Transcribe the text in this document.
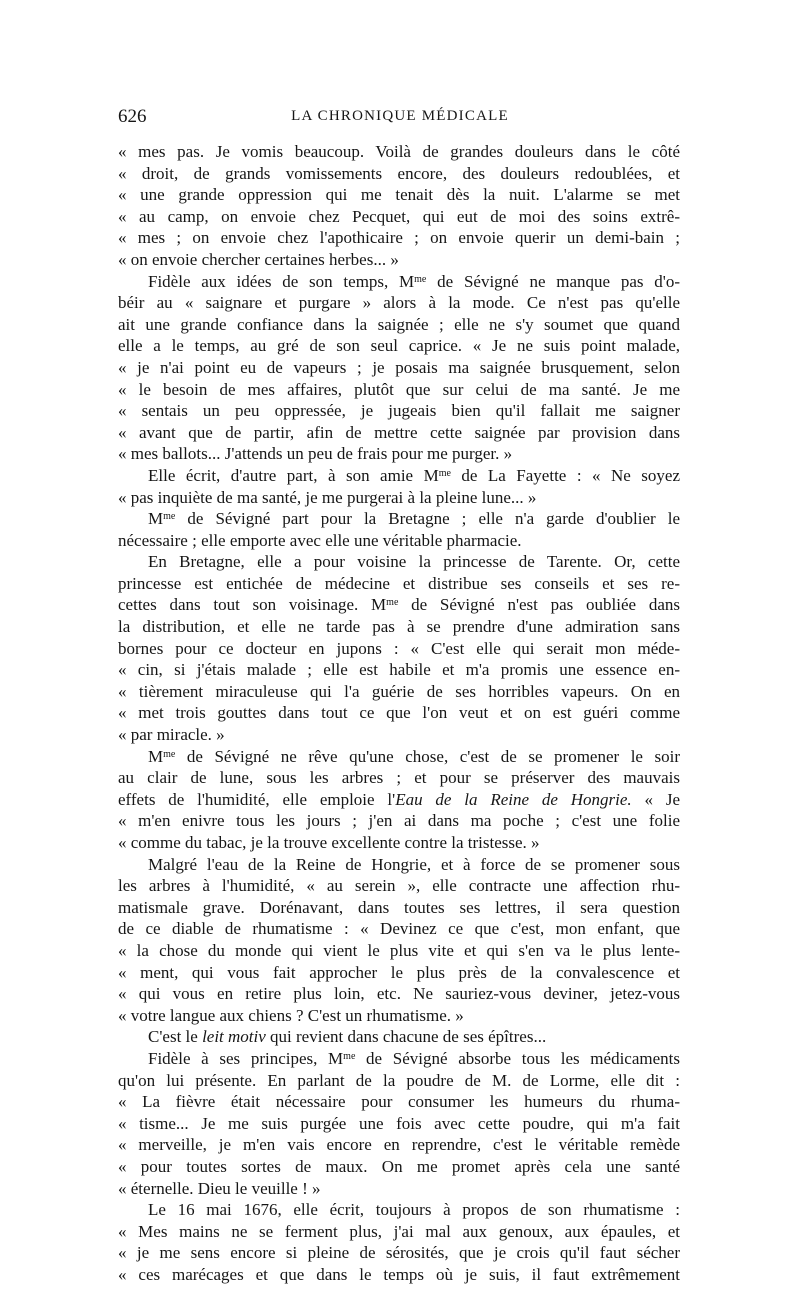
626	LA CHRONIQUE MÉDICALE
« mes pas. Je vomis beaucoup. Voilà de grandes douleurs dans le côté
« droit, de grands vomissements encore, des douleurs redoublées, et
« une grande oppression qui me tenait dès la nuit. L'alarme se met
« au camp, on envoie chez Pecquet, qui eut de moi des soins extrê-
« mes ; on envoie chez l'apothicaire ; on envoie querir un demi-bain ;
« on envoie chercher certaines herbes... »
Fidèle aux idées de son temps, $M^{me}$ de Sévigné ne manque pas d'o-
béir au « saignare et purgare » alors à la mode. Ce n'est pas qu'elle
ait une grande confiance dans la saignée ; elle ne s'y soumet que quand
elle a le temps, au gré de son seul caprice. « Je ne suis point malade,
« je n'ai point eu de vapeurs ; je posais ma saignée brusquement, selon
« le besoin de mes affaires, plutôt que sur celui de ma santé. Je me
« sentais un peu oppressée, je jugeais bien qu'il fallait me saigner
« avant que de partir, afin de mettre cette saignée par provision dans
« mes ballots... J'attends un peu de frais pour me purger. »
Elle écrit, d'autre part, à son amie $M^{me}$ de La Fayette : « Ne soyez
« pas inquiète de ma santé, je me purgerai à la pleine lune... »
$M^{me}$ de Sévigné part pour la Bretagne ; elle n'a garde d'oublier le
nécessaire ; elle emporte avec elle une véritable pharmacie.
En Bretagne, elle a pour voisine la princesse de Tarente. Or, cette
princesse est entichée de médecine et distribue ses conseils et ses re-
cettes dans tout son voisinage. $M^{me}$ de Sévigné n'est pas oubliée dans
la distribution, et elle ne tarde pas à se prendre d'une admiration sans
bornes pour ce docteur en jupons : « C'est elle qui serait mon méde-
« cin, si j'étais malade ; elle est habile et m'a promis une essence en-
« tièrement miraculeuse qui l'a guérie de ses horribles vapeurs. On en
« met trois gouttes dans tout ce que l'on veut et on est guéri comme
« par miracle. »
$M^{me}$ de Sévigné ne rêve qu'une chose, c'est de se promener le soir
au clair de lune, sous les arbres ; et pour se préserver des mauvais
effets de l'humidité, elle emploie l'Eau de la Reine de Hongrie. « Je
« m'en enivre tous les jours ; j'en ai dans ma poche ; c'est une folie
« comme du tabac, je la trouve excellente contre la tristesse. »
Malgré l'eau de la Reine de Hongrie, et à force de se promener sous
les arbres à l'humidité, « au serein », elle contracte une affection rhu-
matismale grave. Dorénavant, dans toutes ses lettres, il sera question
de ce diable de rhumatisme : « Devinez ce que c'est, mon enfant, que
« la chose du monde qui vient le plus vite et qui s'en va le plus lente-
« ment, qui vous fait approcher le plus près de la convalescence et
« qui vous en retire plus loin, etc. Ne sauriez-vous deviner, jetez-vous
« votre langue aux chiens ? C'est un rhumatisme. »
C'est le leit motiv qui revient dans chacune de ses épîtres...
Fidèle à ses principes, $M^{me}$ de Sévigné absorbe tous les médicaments
qu'on lui présente. En parlant de la poudre de M. de Lorme, elle dit :
« La fièvre était nécessaire pour consumer les humeurs du rhuma-
« tisme... Je me suis purgée une fois avec cette poudre, qui m'a fait
« merveille, je m'en vais encore en reprendre, c'est le véritable remède
« pour toutes sortes de maux. On me promet après cela une santé
« éternelle. Dieu le veuille ! »
Le 16 mai 1676, elle écrit, toujours à propos de son rhumatisme :
« Mes mains ne se ferment plus, j'ai mal aux genoux, aux épaules, et
« je me sens encore si pleine de sérosités, que je crois qu'il faut sécher
« ces marécages et que dans le temps où je suis, il faut extrêmement
